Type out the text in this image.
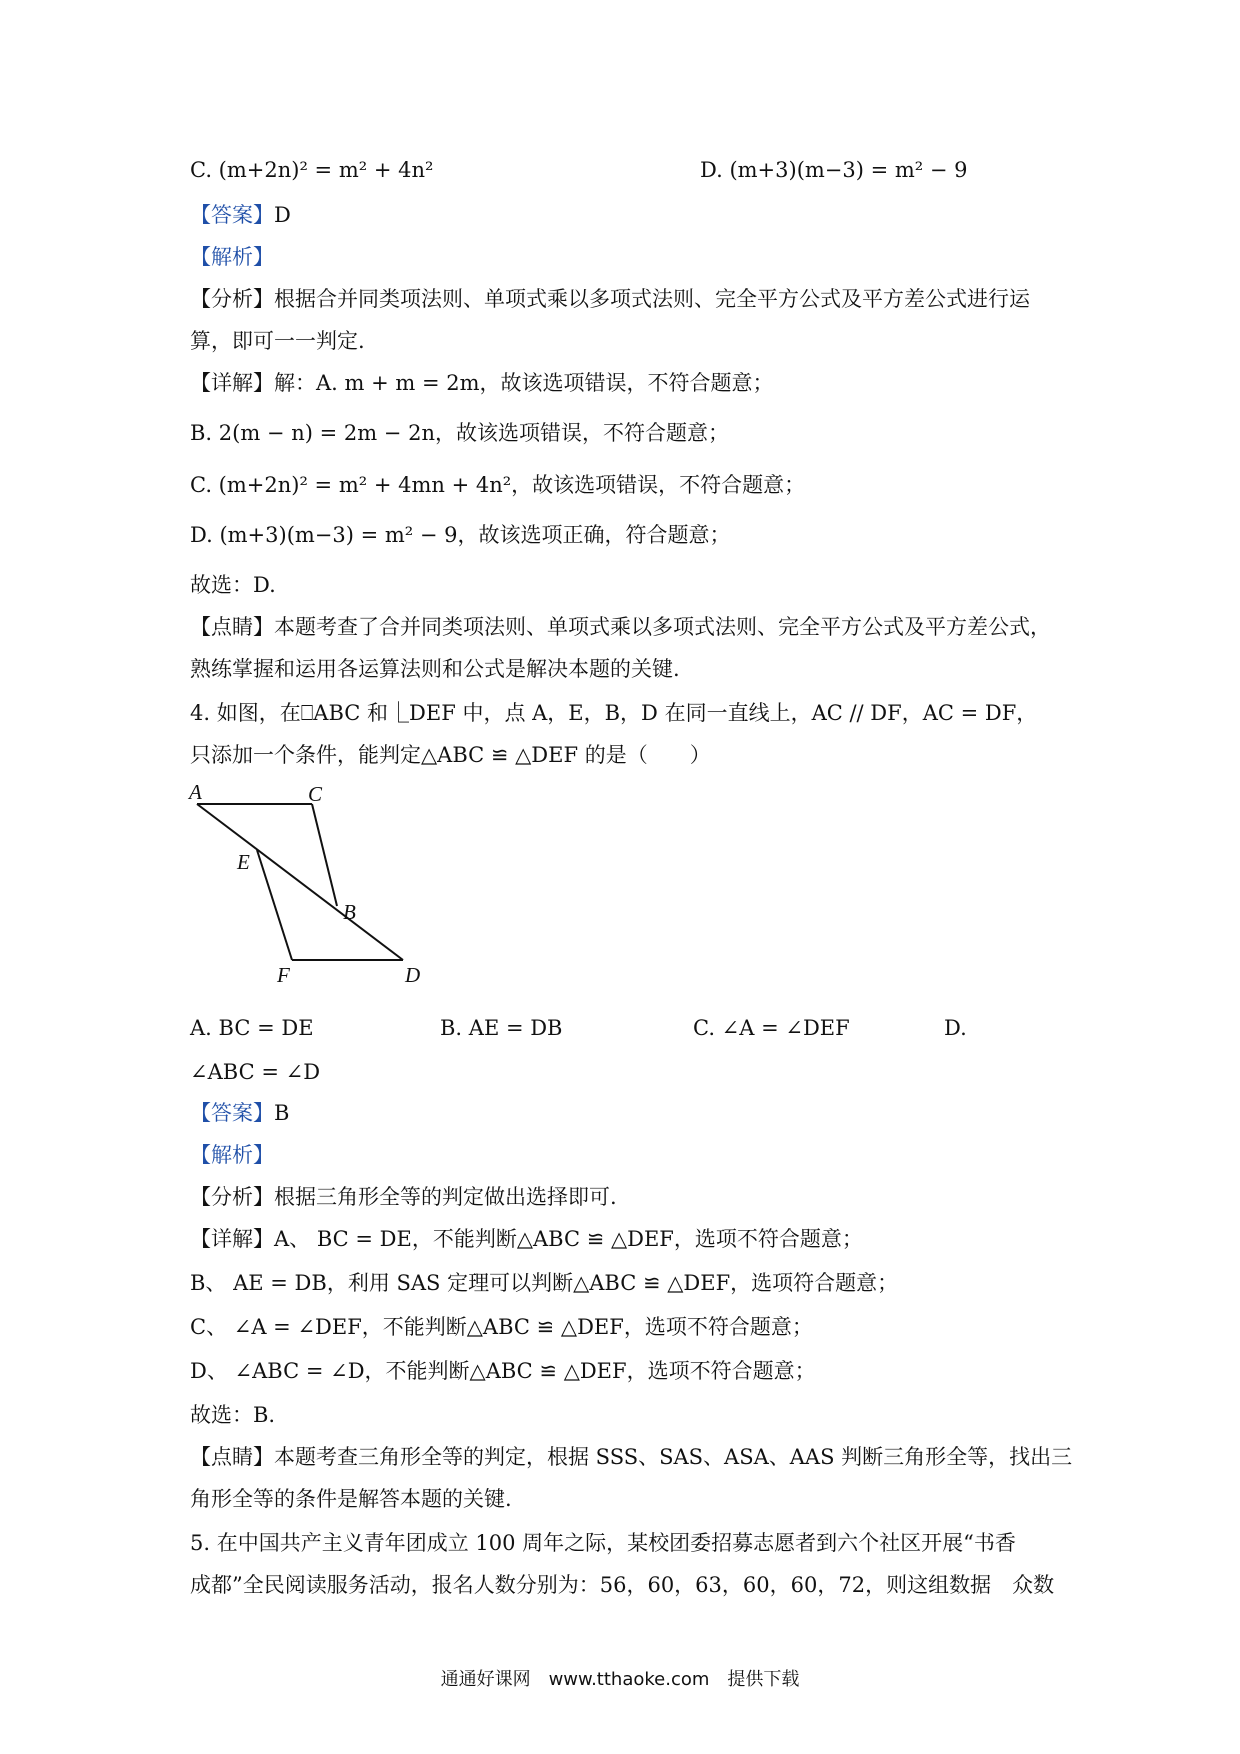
C. (m+2n)² = m² + 4n²	D. (m+3)(m−3) = m² − 9
【答案】D
【解析】
【分析】根据合并同类项法则、单项式乘以多项式法则、完全平方公式及平方差公式进行运
算，即可一一判定.
【详解】解：A. m + m = 2m，故该选项错误，不符合题意；
B. 2(m − n) = 2m − 2n，故该选项错误，不符合题意；
C. (m+2n)² = m² + 4mn + 4n²，故该选项错误，不符合题意；
D. (m+3)(m−3) = m² − 9，故该选项正确，符合题意；
故选：D.
【点睛】本题考查了合并同类项法则、单项式乘以多项式法则、完全平方公式及平方差公式，
熟练掌握和运用各运算法则和公式是解决本题的关键.
4. 如图，在⎕ABC 和⎿DEF 中，点 A，E，B，D 在同一直线上，AC // DF，AC = DF，
只添加一个条件，能判定△ABC ≌ △DEF 的是（　　）
A	C
E
B
F	D
A. BC = DE	B. AE = DB	C. ∠A = ∠DEF	D.
∠ABC = ∠D
【答案】B
【解析】
【分析】根据三角形全等的判定做出选择即可.
【详解】A、 BC = DE，不能判断△ABC ≌ △DEF，选项不符合题意；
B、 AE = DB，利用 SAS 定理可以判断△ABC ≌ △DEF，选项符合题意；
C、 ∠A = ∠DEF，不能判断△ABC ≌ △DEF，选项不符合题意；
D、 ∠ABC = ∠D，不能判断△ABC ≌ △DEF，选项不符合题意；
故选：B.
【点睛】本题考查三角形全等的判定，根据 SSS、SAS、ASA、AAS 判断三角形全等，找出三
角形全等的条件是解答本题的关键.
5. 在中国共产主义青年团成立 100 周年之际，某校团委招募志愿者到六个社区开展“书香
成都”全民阅读服务活动，报名人数分别为：56，60，63，60，60，72，则这组数据　众数
通通好课网　www.tthaoke.com　提供下载
